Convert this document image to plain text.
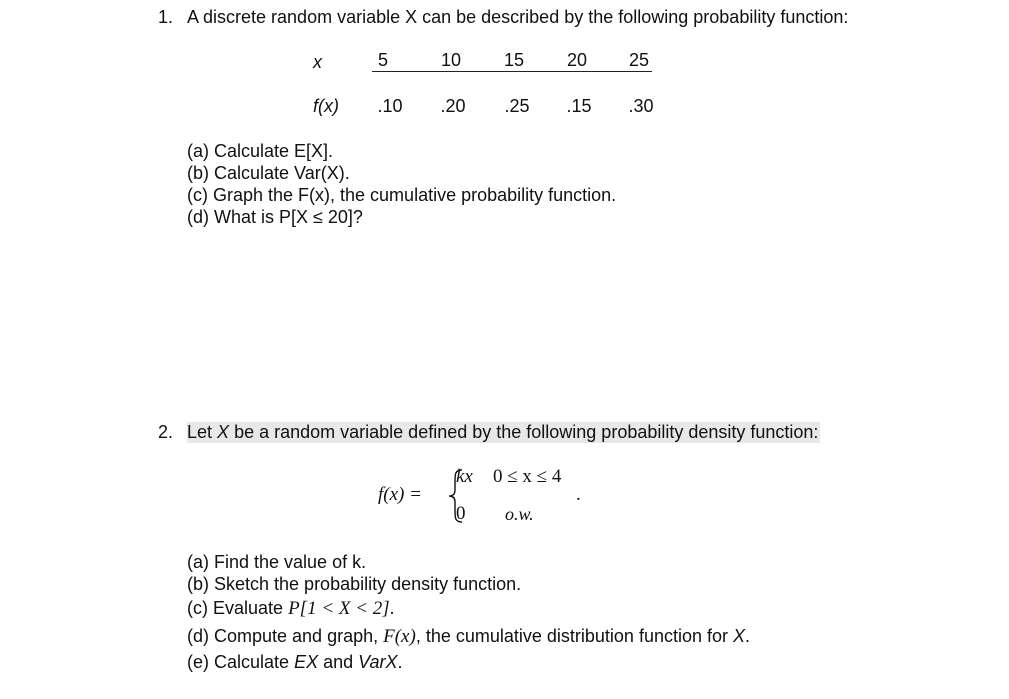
1. A discrete random variable X can be described by the following probability function:
x	5	10	15	20	25
f(x)	.10	.20	.25	.15	.30
(a) Calculate E[X].
(b) Calculate Var(X).
(c) Graph the F(x), the cumulative probability function.
(d) What is P[X ≤ 20]?
2. Let X be a random variable defined by the following probability density function:
f(x) =
kx 0 ≤ x ≤ 4
0 o.w.
.
(a) Find the value of k.
(b) Sketch the probability density function.
(c) Evaluate P[1 < X < 2].
(d) Compute and graph, F(x), the cumulative distribution function for X.
(e) Calculate EX and VarX.
